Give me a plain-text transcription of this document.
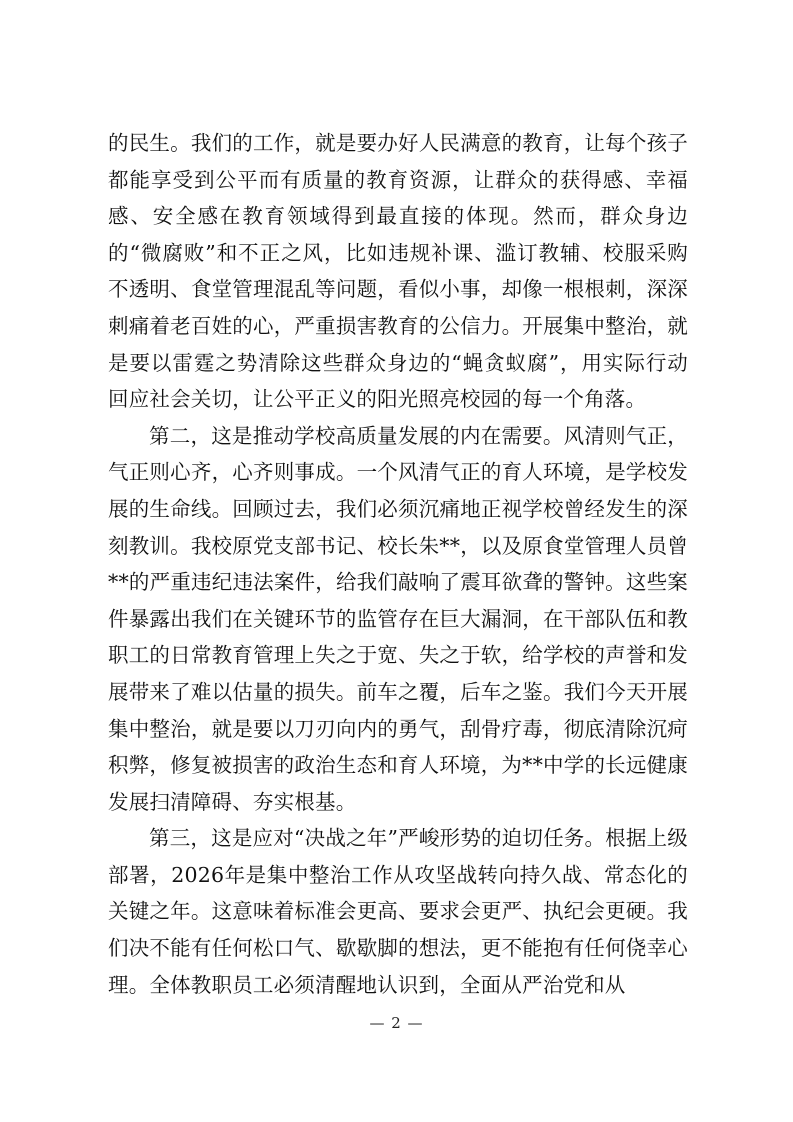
的民生。我们的工作，就是要办好人民满意的教育，让每个孩子都能享受到公平而有质量的教育资源，让群众的获得感、幸福感、安全感在教育领域得到最直接的体现。然而，群众身边的“微腐败”和不正之风，比如违规补课、滥订教辅、校服采购不透明、食堂管理混乱等问题，看似小事，却像一根根刺，深深刺痛着老百姓的心，严重损害教育的公信力。开展集中整治，就是要以雷霆之势清除这些群众身边的“蝇贪蚁腐”，用实际行动回应社会关切，让公平正义的阳光照亮校园的每一个角落。

第二，这是推动学校高质量发展的内在需要。风清则气正，气正则心齐，心齐则事成。一个风清气正的育人环境，是学校发展的生命线。回顾过去，我们必须沉痛地正视学校曾经发生的深刻教训。我校原党支部书记、校长朱**，以及原食堂管理人员曾**的严重违纪违法案件，给我们敲响了震耳欲聋的警钟。这些案件暴露出我们在关键环节的监管存在巨大漏洞，在干部队伍和教职工的日常教育管理上失之于宽、失之于软，给学校的声誉和发展带来了难以估量的损失。前车之覆，后车之鉴。我们今天开展集中整治，就是要以刀刃向内的勇气，刮骨疗毒，彻底清除沉疴积弊，修复被损害的政治生态和育人环境，为**中学的长远健康发展扫清障碍、夯实根基。

第三，这是应对“决战之年”严峻形势的迫切任务。根据上级部署，2026年是集中整治工作从攻坚战转向持久战、常态化的关键之年。这意味着标准会更高、要求会更严、执纪会更硬。我们决不能有任何松口气、歇歇脚的想法，更不能抱有任何侥幸心理。全体教职员工必须清醒地认识到，全面从严治党和从

— 2 —
